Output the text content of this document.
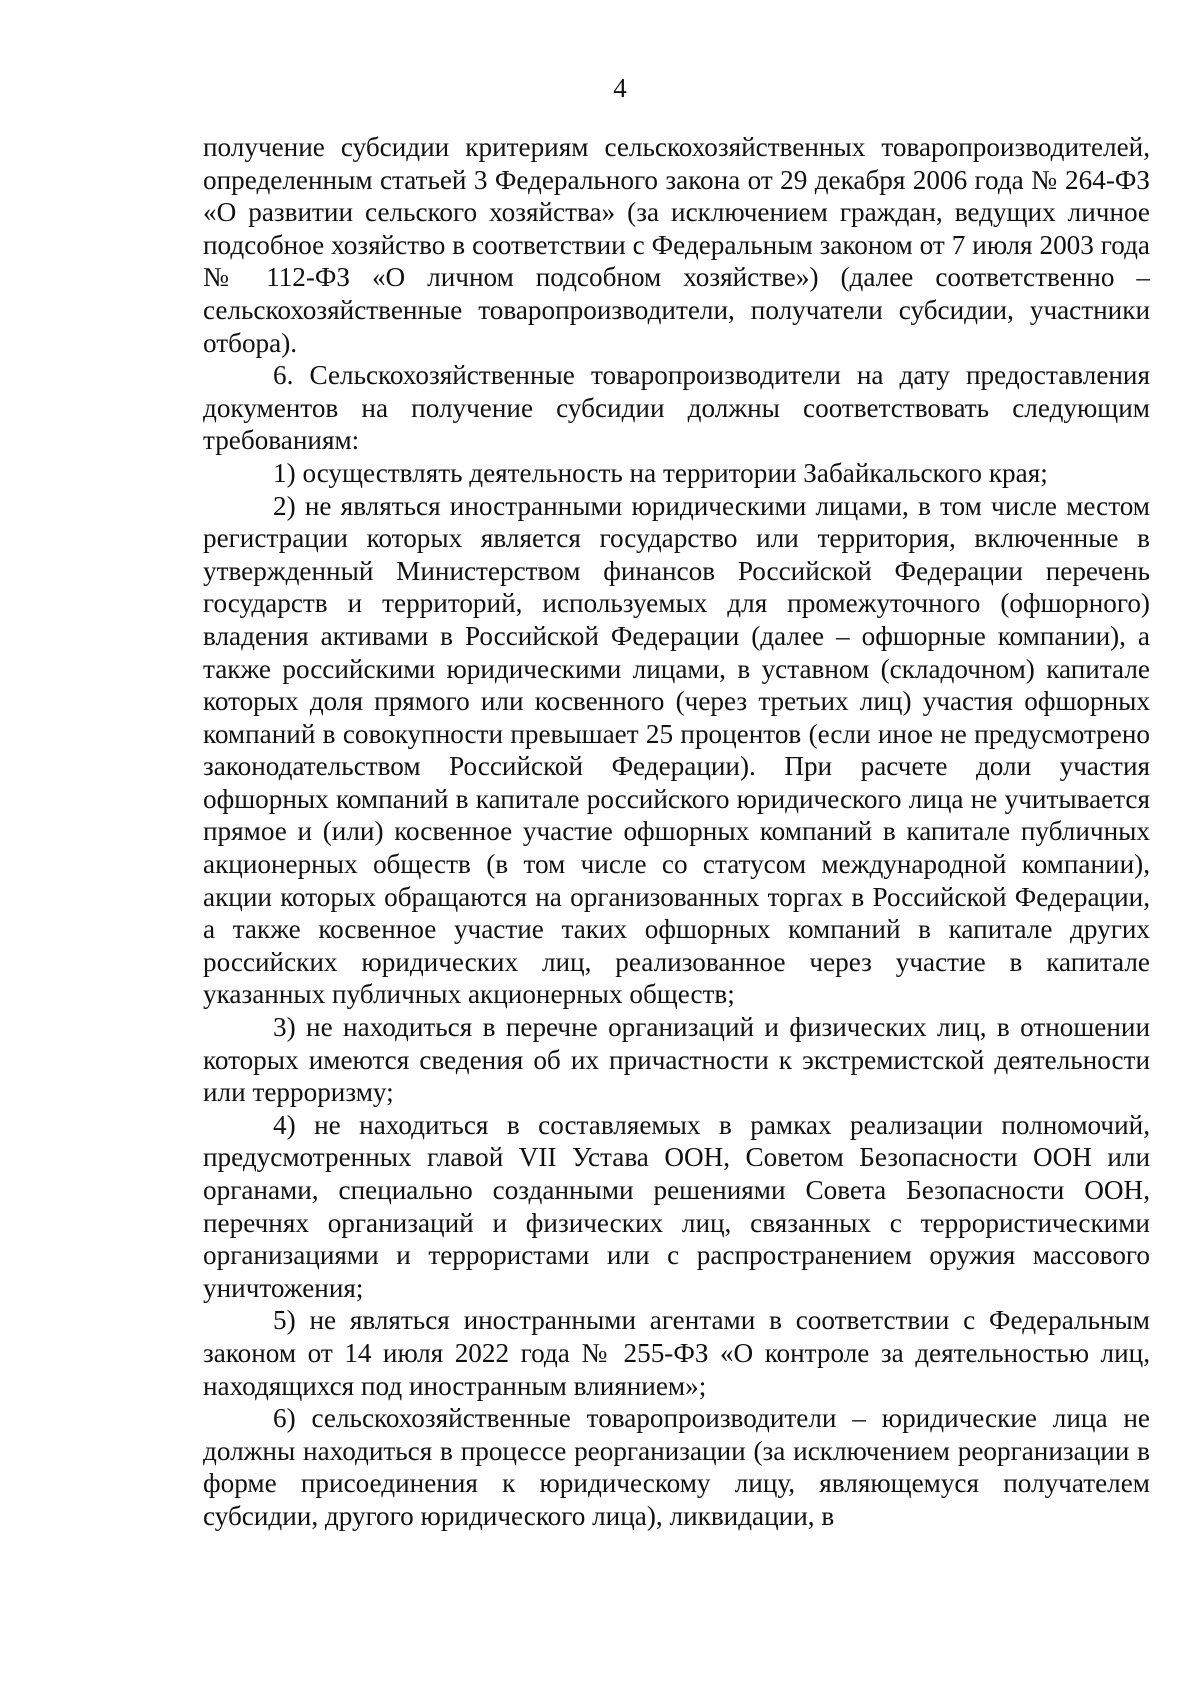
4

получение субсидии критериям сельскохозяйственных товаропроизводителей, определенным статьей 3 Федерального закона от 29 декабря 2006 года № 264-ФЗ «О развитии сельского хозяйства» (за исключением граждан, ведущих личное подсобное хозяйство в соответствии с Федеральным законом от 7 июля 2003 года № 112-ФЗ «О личном подсобном хозяйстве») (далее соответственно – сельскохозяйственные товаропроизводители, получатели субсидии, участники отбора).

6. Сельскохозяйственные товаропроизводители на дату предоставления документов на получение субсидии должны соответствовать следующим требованиям:

1) осуществлять деятельность на территории Забайкальского края;

2) не являться иностранными юридическими лицами, в том числе местом регистрации которых является государство или территория, включенные в утвержденный Министерством финансов Российской Федерации перечень государств и территорий, используемых для промежуточного (офшорного) владения активами в Российской Федерации (далее – офшорные компании), а также российскими юридическими лицами, в уставном (складочном) капитале которых доля прямого или косвенного (через третьих лиц) участия офшорных компаний в совокупности превышает 25 процентов (если иное не предусмотрено законодательством Российской Федерации). При расчете доли участия офшорных компаний в капитале российского юридического лица не учитывается прямое и (или) косвенное участие офшорных компаний в капитале публичных акционерных обществ (в том числе со статусом международной компании), акции которых обращаются на организованных торгах в Российской Федерации, а также косвенное участие таких офшорных компаний в капитале других российских юридических лиц, реализованное через участие в капитале указанных публичных акционерных обществ;

3) не находиться в перечне организаций и физических лиц, в отношении которых имеются сведения об их причастности к экстремистской деятельности или терроризму;

4) не находиться в составляемых в рамках реализации полномочий, предусмотренных главой VII Устава ООН, Советом Безопасности ООН или органами, специально созданными решениями Совета Безопасности ООН, перечнях организаций и физических лиц, связанных с террористическими организациями и террористами или с распространением оружия массового уничтожения;

5) не являться иностранными агентами в соответствии с Федеральным законом от 14 июля 2022 года № 255-ФЗ «О контроле за деятельностью лиц, находящихся под иностранным влиянием»;

6) сельскохозяйственные товаропроизводители – юридические лица не должны находиться в процессе реорганизации (за исключением реорганизации в форме присоединения к юридическому лицу, являющемуся получателем субсидии, другого юридического лица), ликвидации, в
